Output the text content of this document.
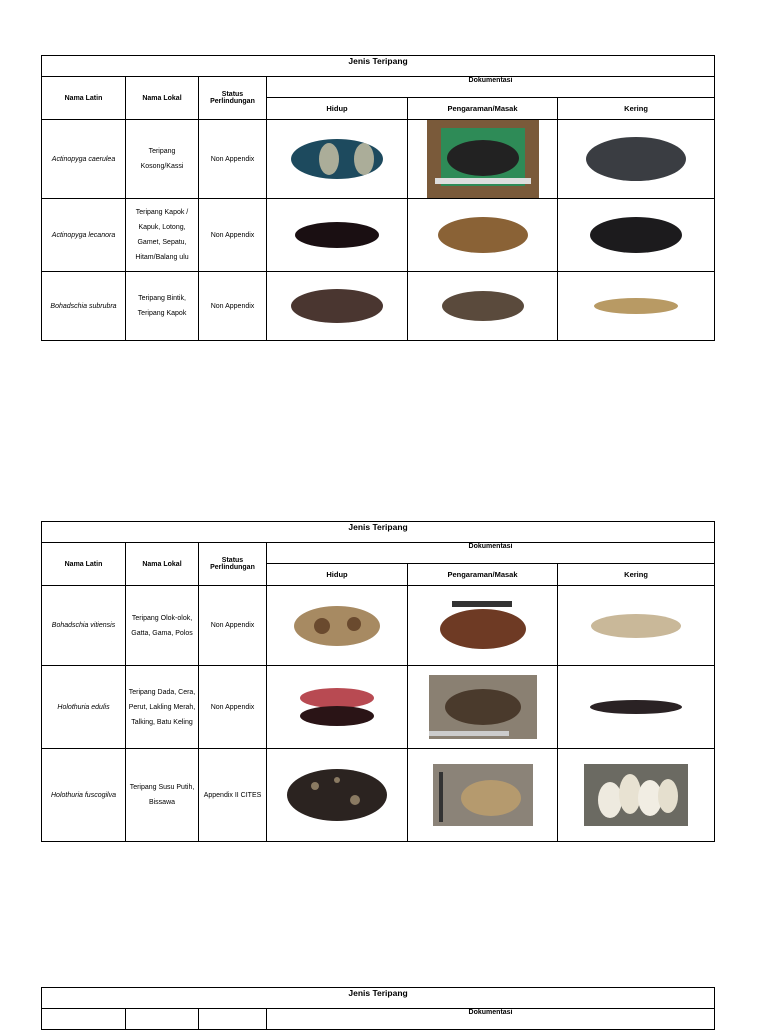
Jenis Teripang					
Nama Latin	Nama Lokal	Status Perlindungan	Dokumentasi		
			Hidup	Pengaraman/Masak	Kering
Actinopyga caerulea	Teripang Kosong/Kassi	Non Appendix	

Actinopyga lecanora	Teripang Kapok / Kapuk, Lotong, Gamet, Sepatu, Hitam/Balang ulu	Non Appendix	

Bohadschia subrubra	Teripang Bintik, Teripang Kapok	Non Appendix	

Jenis Teripang					
Nama Latin	Nama Lokal	Status Perlindungan	Dokumentasi		
			Hidup	Pengaraman/Masak	Kering
Bohadschia vitiensis	Teripang Olok-olok, Gatta, Gama, Polos	Non Appendix	

Holothuria edulis	Teripang Dada, Cera, Perut, Lakling Merah, Talking, Batu Keling	Non Appendix	

Holothuria fuscogilva	Teripang Susu Putih, Bissawa	Appendix II CITES	

Jenis Teripang
			Dokumentasi
